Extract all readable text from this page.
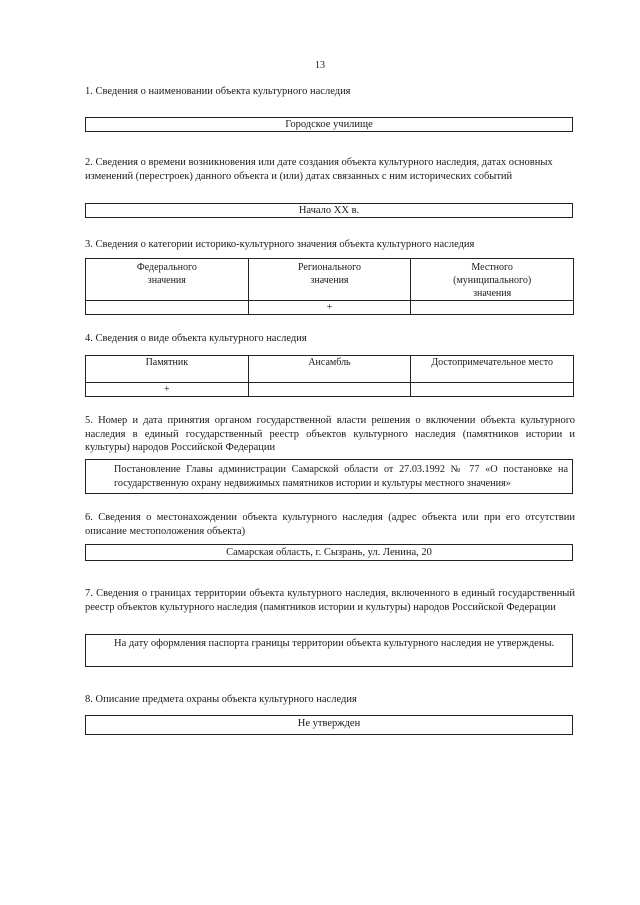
13
1. Сведения о наименовании объекта культурного наследия
Городское училище
2. Сведения о времени возникновения или дате создания объекта культурного наследия, датах основных изменений (перестроек) данного объекта и (или) датах связанных с ним исторических событий
Начало XX в.
3. Сведения о категории историко-культурного значения объекта культурного наследия
Федерального значения	Регионального значения	Местного (муниципального) значения
	+	
4. Сведения о виде объекта культурного наследия
Памятник	Ансамбль	Достопримечательное место
+		
5. Номер и дата принятия органом государственной власти решения о включении объекта культурного наследия в единый государственный реестр объектов культурного наследия (памятников истории и культуры) народов Российской Федерации
Постановление Главы администрации Самарской области от 27.03.1992 № 77 «О постановке на государственную охрану недвижимых памятников истории и культуры местного значения»
6. Сведения о местонахождении объекта культурного наследия (адрес объекта или при его отсутствии описание местоположения объекта)
Самарская область, г. Сызрань, ул. Ленина, 20
7. Сведения о границах территории объекта культурного наследия, включенного в единый государственный реестр объектов культурного наследия (памятников истории и культуры) народов Российской Федерации
На дату оформления паспорта границы территории объекта культурного наследия не утверждены.
8. Описание предмета охраны объекта культурного наследия
Не утвержден
